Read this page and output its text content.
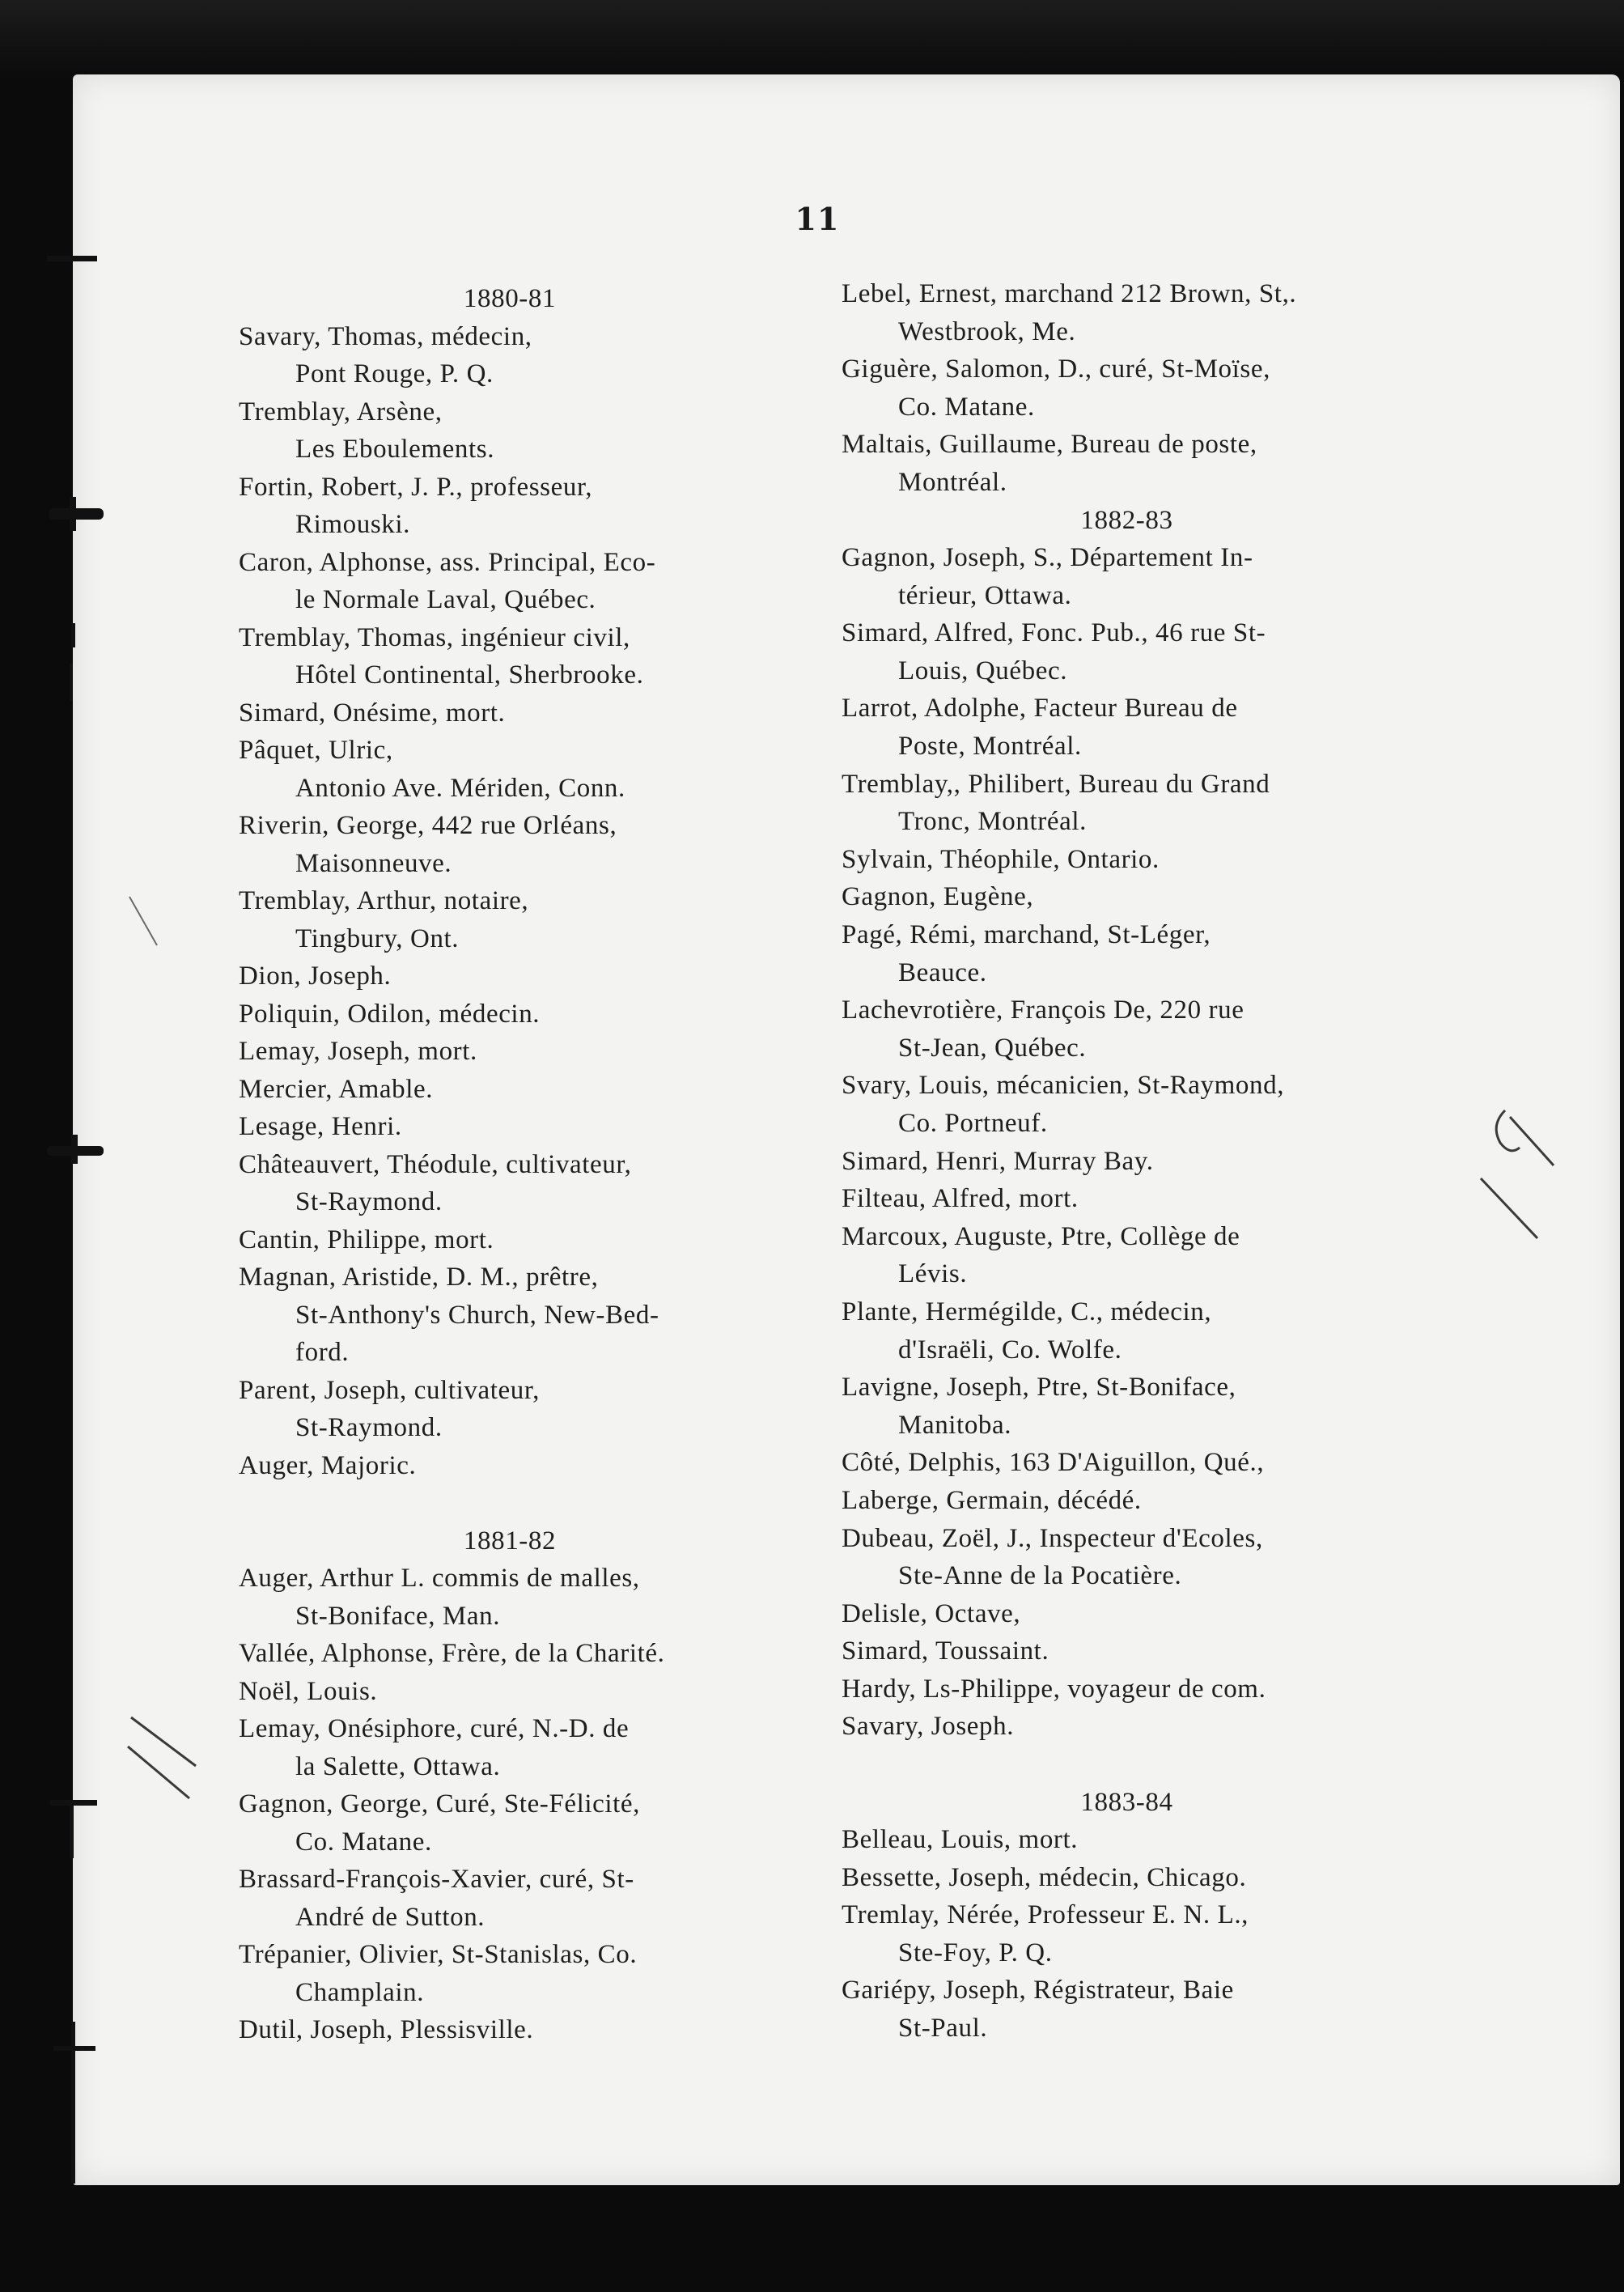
11
1880-81
Savary, Thomas, médecin,
Pont Rouge, P. Q.
Tremblay, Arsène,
Les Eboulements.
Fortin, Robert, J. P., professeur,
Rimouski.
Caron, Alphonse, ass. Principal, Eco-
le Normale Laval, Québec.
Tremblay, Thomas, ingénieur civil,
Hôtel Continental, Sherbrooke.
Simard, Onésime, mort.
Pâquet, Ulric,
Antonio Ave. Mériden, Conn.
Riverin, George, 442 rue Orléans,
Maisonneuve.
Tremblay, Arthur, notaire,
Tingbury, Ont.
Dion, Joseph.
Poliquin, Odilon, médecin.
Lemay, Joseph, mort.
Mercier, Amable.
Lesage, Henri.
Châteauvert, Théodule, cultivateur,
St-Raymond.
Cantin, Philippe, mort.
Magnan, Aristide, D. M., prêtre,
St-Anthony's Church, New-Bed-
ford.
Parent, Joseph, cultivateur,
St-Raymond.
Auger, Majoric.
1881-82
Auger, Arthur L. commis de malles,
St-Boniface, Man.
Vallée, Alphonse, Frère, de la Charité.
Noël, Louis.
Lemay, Onésiphore, curé, N.-D. de
la Salette, Ottawa.
Gagnon, George, Curé, Ste-Félicité,
Co. Matane.
Brassard-François-Xavier, curé, St-
André de Sutton.
Trépanier, Olivier, St-Stanislas, Co.
Champlain.
Dutil, Joseph, Plessisville.
Lebel, Ernest, marchand 212 Brown, St,.
Westbrook, Me.
Giguère, Salomon, D., curé, St-Moïse,
Co. Matane.
Maltais, Guillaume, Bureau de poste,
Montréal.
1882-83
Gagnon, Joseph, S., Département In-
térieur, Ottawa.
Simard, Alfred, Fonc. Pub., 46 rue St-
Louis, Québec.
Larrot, Adolphe, Facteur Bureau de
Poste, Montréal.
Tremblay,, Philibert, Bureau du Grand
Tronc, Montréal.
Sylvain, Théophile, Ontario.
Gagnon, Eugène,
Pagé, Rémi, marchand, St-Léger,
Beauce.
Lachevrotière, François De, 220 rue
St-Jean, Québec.
Svary, Louis, mécanicien, St-Raymond,
Co. Portneuf.
Simard, Henri, Murray Bay.
Filteau, Alfred, mort.
Marcoux, Auguste, Ptre, Collège de
Lévis.
Plante, Hermégilde, C., médecin,
d'Israëli, Co. Wolfe.
Lavigne, Joseph, Ptre, St-Boniface,
Manitoba.
Côté, Delphis, 163 D'Aiguillon, Qué.,
Laberge, Germain, décédé.
Dubeau, Zoël, J., Inspecteur d'Ecoles,
Ste-Anne de la Pocatière.
Delisle, Octave,
Simard, Toussaint.
Hardy, Ls-Philippe, voyageur de com.
Savary, Joseph.
1883-84
Belleau, Louis, mort.
Bessette, Joseph, médecin, Chicago.
Tremlay, Nérée, Professeur E. N. L.,
Ste-Foy, P. Q.
Gariépy, Joseph, Régistrateur, Baie
St-Paul.
